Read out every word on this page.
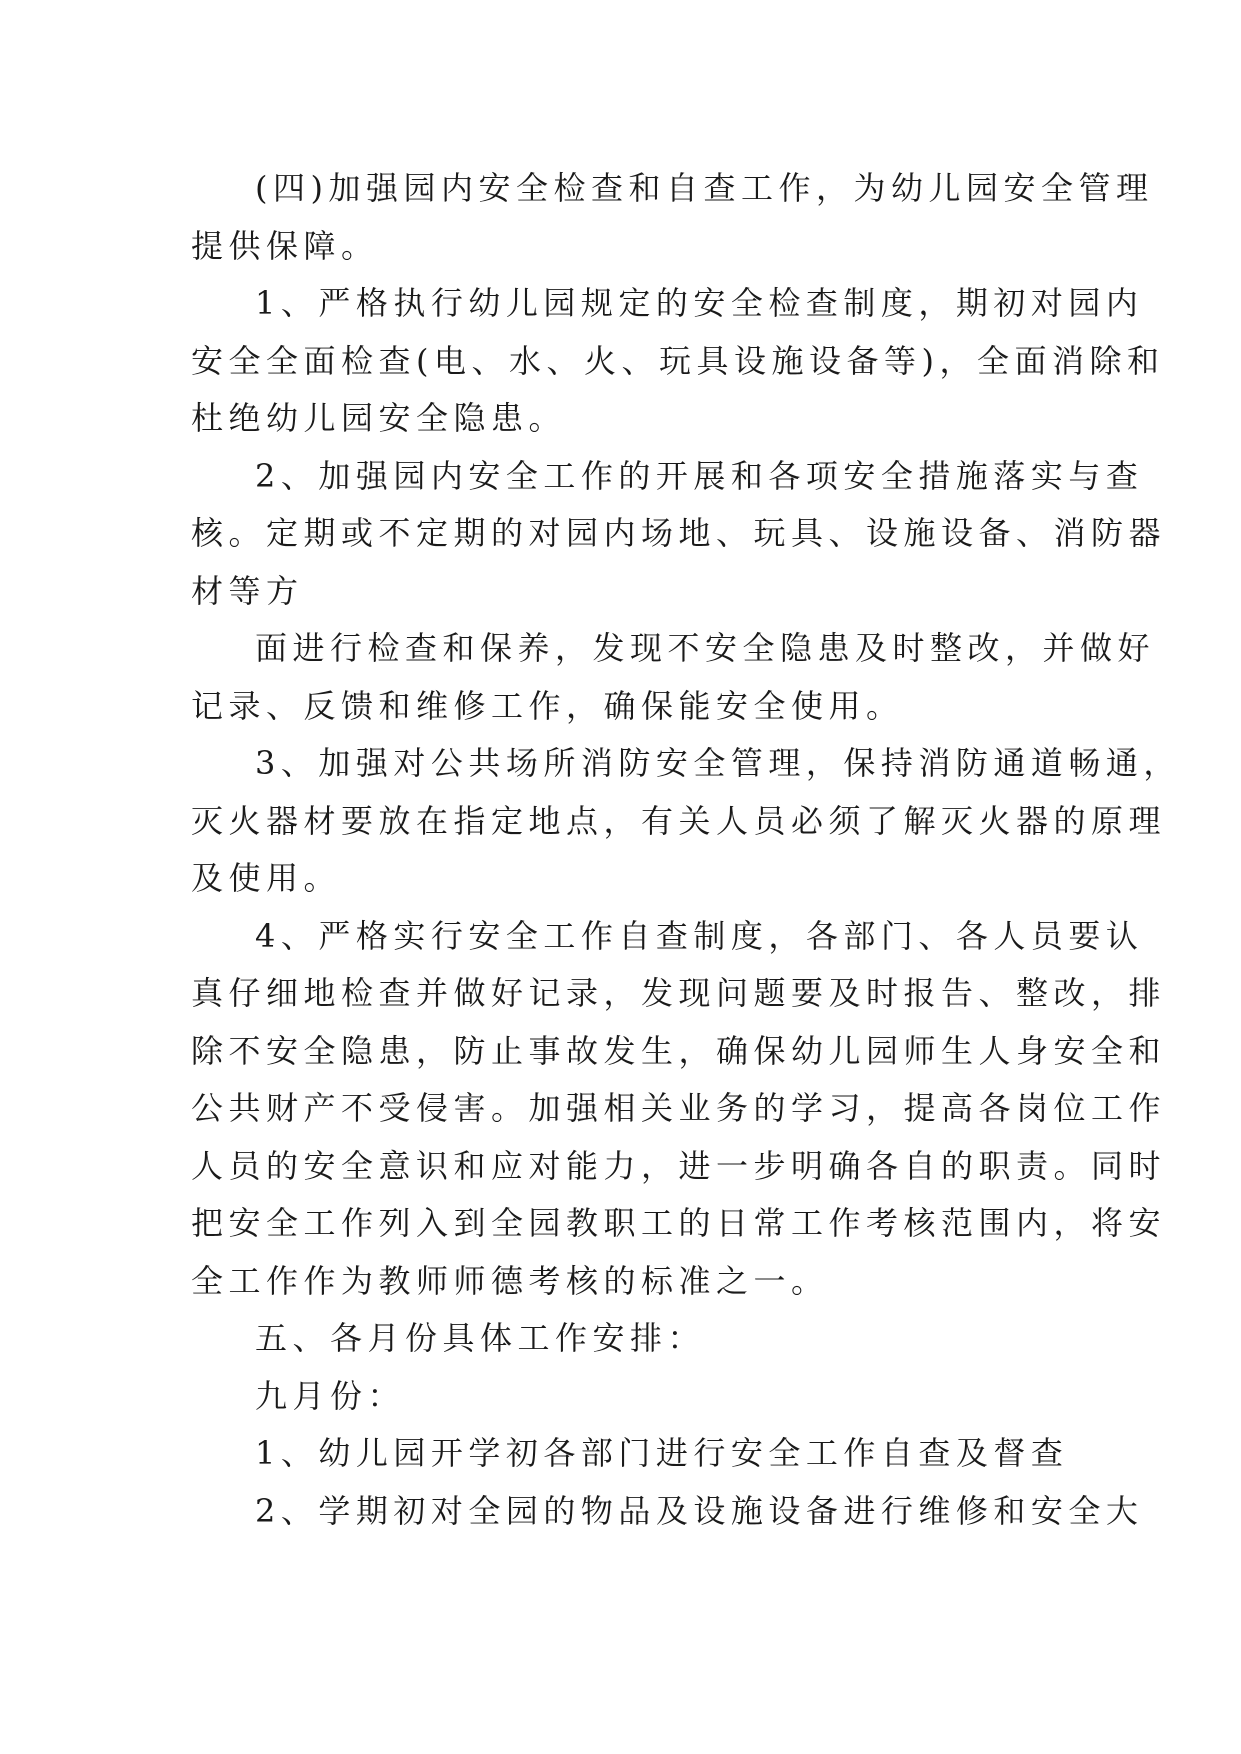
(四)加强园内安全检查和自查工作，为幼儿园安全管理

提供保障。

1、严格执行幼儿园规定的安全检查制度，期初对园内

安全全面检查(电、水、火、玩具设施设备等)，全面消除和

杜绝幼儿园安全隐患。

2、加强园内安全工作的开展和各项安全措施落实与查

核。定期或不定期的对园内场地、玩具、设施设备、消防器

材等方

面进行检查和保养，发现不安全隐患及时整改，并做好

记录、反馈和维修工作，确保能安全使用。

3、加强对公共场所消防安全管理，保持消防通道畅通，

灭火器材要放在指定地点，有关人员必须了解灭火器的原理

及使用。

4、严格实行安全工作自查制度，各部门、各人员要认

真仔细地检查并做好记录，发现问题要及时报告、整改，排

除不安全隐患，防止事故发生，确保幼儿园师生人身安全和

公共财产不受侵害。加强相关业务的学习，提高各岗位工作

人员的安全意识和应对能力，进一步明确各自的职责。同时

把安全工作列入到全园教职工的日常工作考核范围内，将安

全工作作为教师师德考核的标准之一。

五、各月份具体工作安排：

九月份：

1、幼儿园开学初各部门进行安全工作自查及督查

2、学期初对全园的物品及设施设备进行维修和安全大
